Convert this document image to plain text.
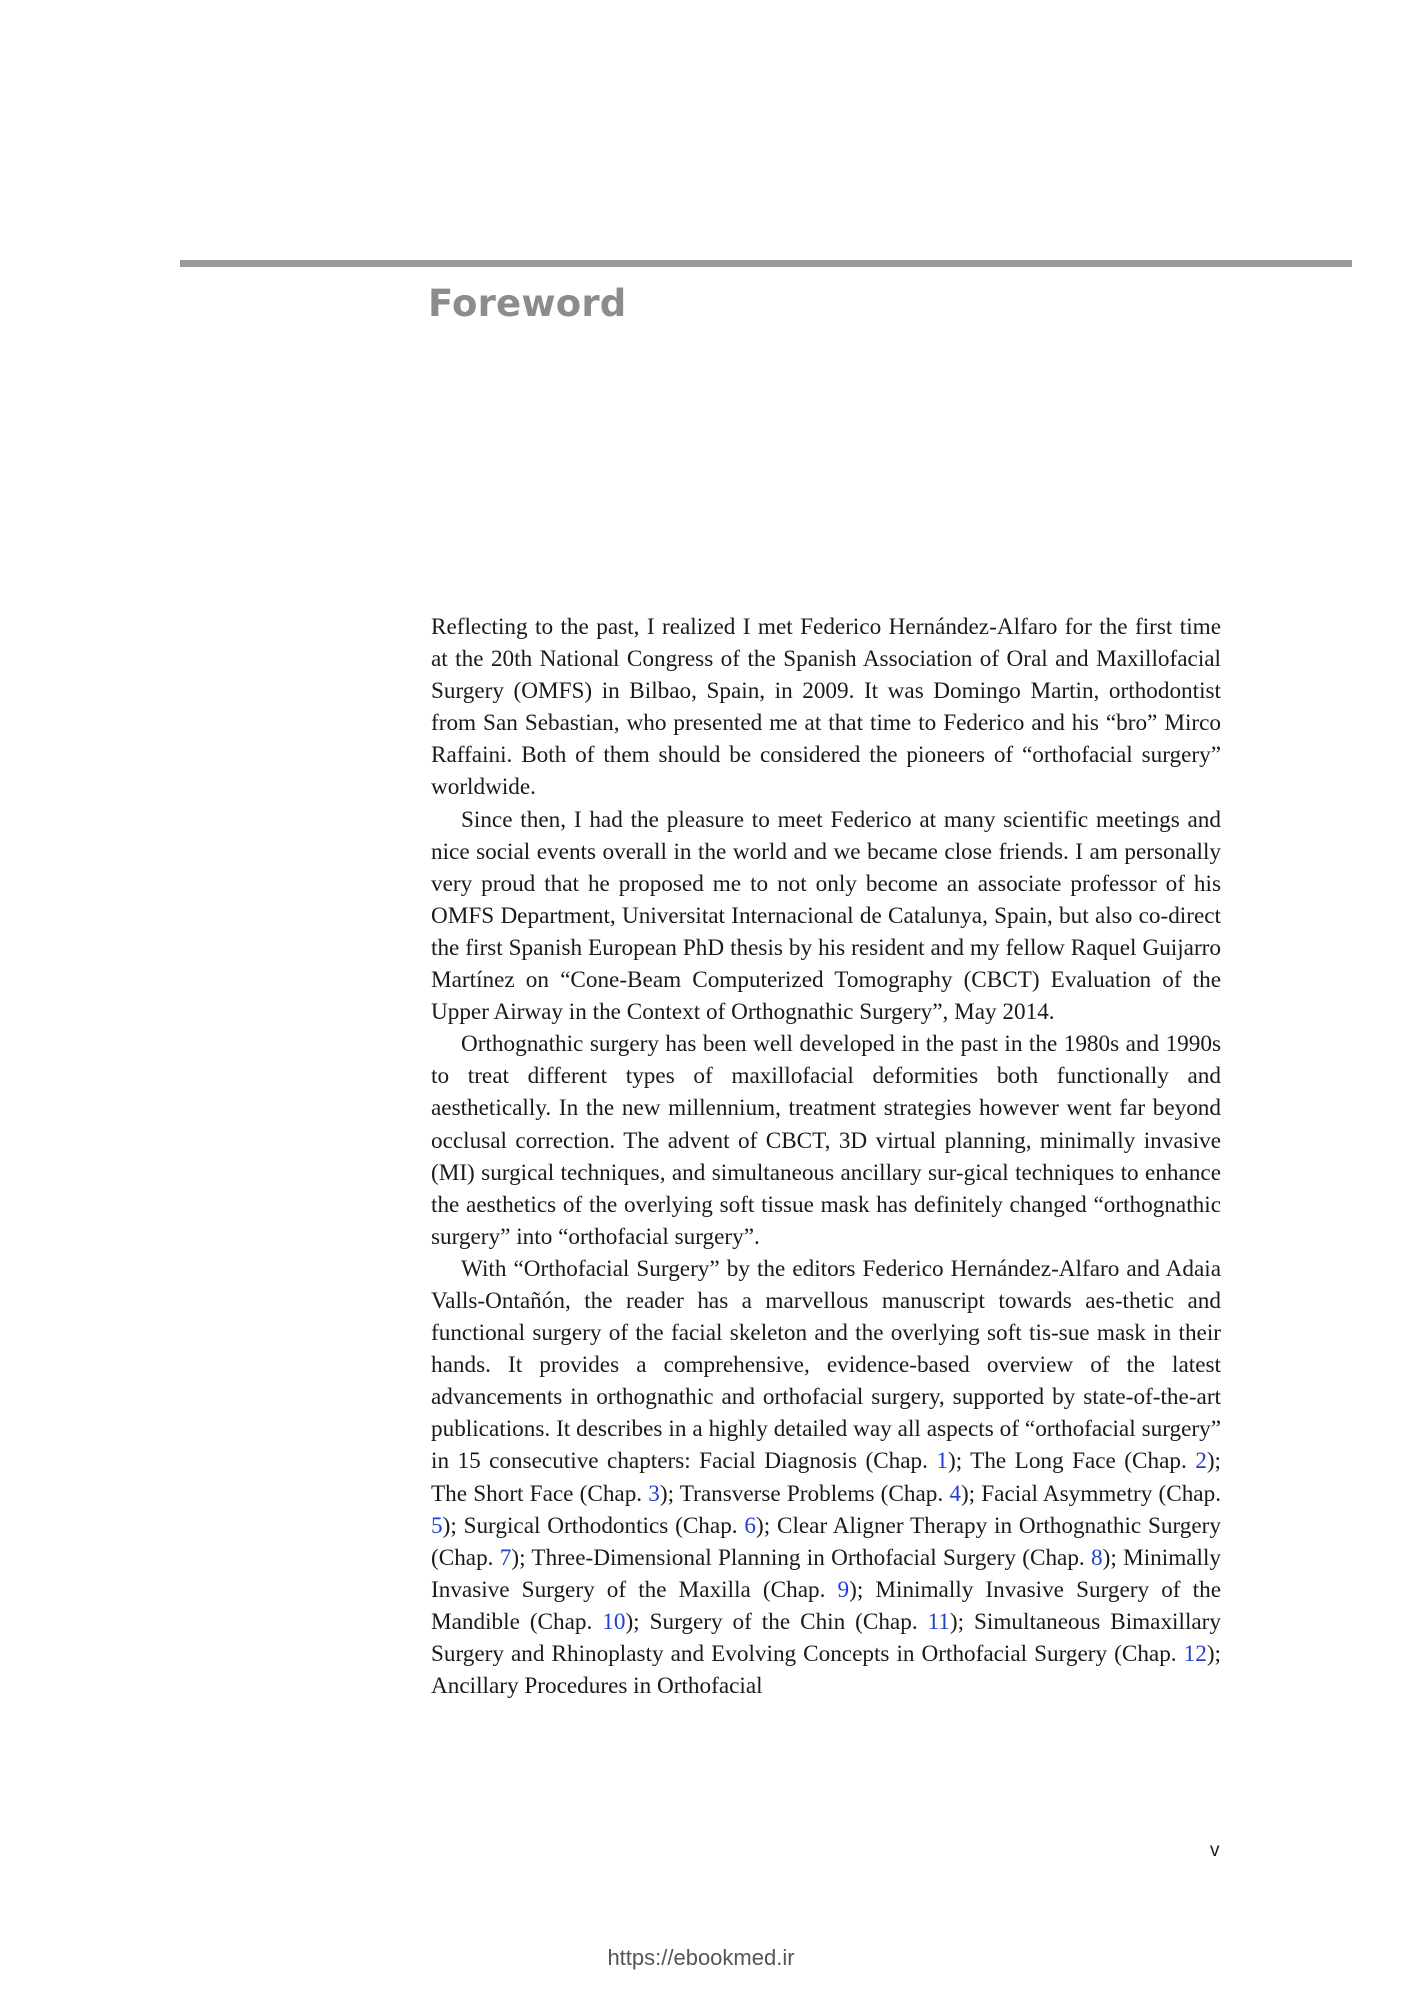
Foreword

Reflecting to the past, I realized I met Federico Hernández-Alfaro for the first time at the 20th National Congress of the Spanish Association of Oral and Maxillofacial Surgery (OMFS) in Bilbao, Spain, in 2009. It was Domingo Martin, orthodontist from San Sebastian, who presented me at that time to Federico and his “bro” Mirco Raffaini. Both of them should be considered the pioneers of “orthofacial surgery” worldwide.

Since then, I had the pleasure to meet Federico at many scientific meetings and nice social events overall in the world and we became close friends. I am personally very proud that he proposed me to not only become an associate professor of his OMFS Department, Universitat Internacional de Catalunya, Spain, but also co-direct the first Spanish European PhD thesis by his resident and my fellow Raquel Guijarro Martínez on “Cone-Beam Computerized Tomography (CBCT) Evaluation of the Upper Airway in the Context of Orthognathic Surgery”, May 2014.

Orthognathic surgery has been well developed in the past in the 1980s and 1990s to treat different types of maxillofacial deformities both functionally and aesthetically. In the new millennium, treatment strategies however went far beyond occlusal correction. The advent of CBCT, 3D virtual planning, minimally invasive (MI) surgical techniques, and simultaneous ancillary sur-gical techniques to enhance the aesthetics of the overlying soft tissue mask has definitely changed “orthognathic surgery” into “orthofacial surgery”.

With “Orthofacial Surgery” by the editors Federico Hernández-Alfaro and Adaia Valls-Ontañón, the reader has a marvellous manuscript towards aes-thetic and functional surgery of the facial skeleton and the overlying soft tis-sue mask in their hands. It provides a comprehensive, evidence-based overview of the latest advancements in orthognathic and orthofacial surgery, supported by state-of-the-art publications. It describes in a highly detailed way all aspects of “orthofacial surgery” in 15 consecutive chapters: Facial Diagnosis (Chap. 1); The Long Face (Chap. 2); The Short Face (Chap. 3); Transverse Problems (Chap. 4); Facial Asymmetry (Chap. 5); Surgical Orthodontics (Chap. 6); Clear Aligner Therapy in Orthognathic Surgery (Chap. 7); Three-Dimensional Planning in Orthofacial Surgery (Chap. 8); Minimally Invasive Surgery of the Maxilla (Chap. 9); Minimally Invasive Surgery of the Mandible (Chap. 10); Surgery of the Chin (Chap. 11); Simultaneous Bimaxillary Surgery and Rhinoplasty and Evolving Concepts in Orthofacial Surgery (Chap. 12); Ancillary Procedures in Orthofacial

v
https://ebookmed.ir
